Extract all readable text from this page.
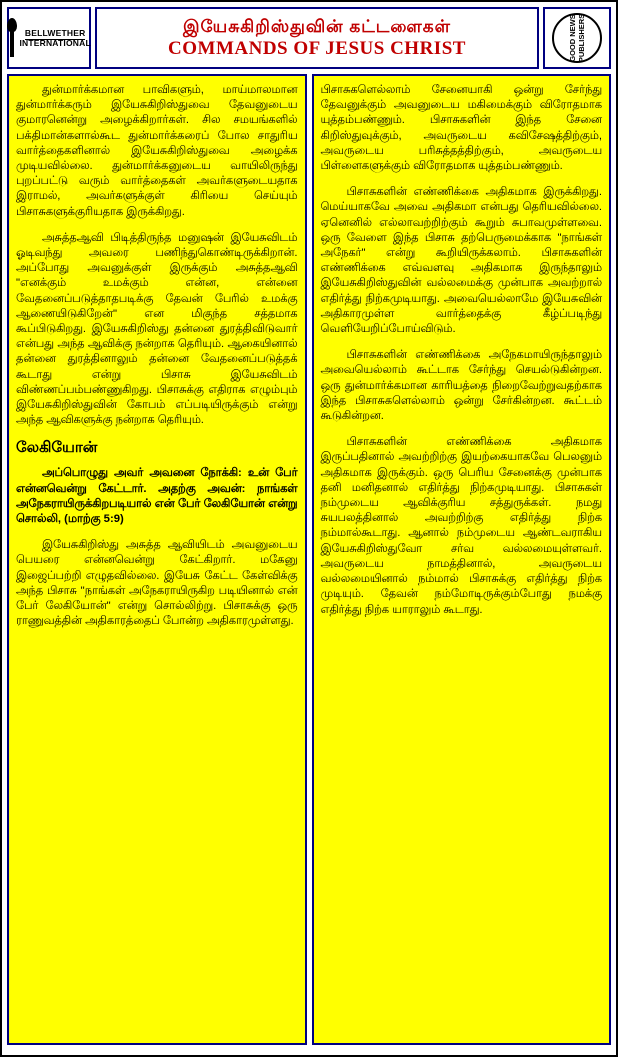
BELLWETHER INTERNATIONAL
இயேசுகிறிஸ்துவின் கட்டளைகள்
COMMANDS OF JESUS CHRIST	GOOD NEWS PUBLISHERS

துன்மார்க்கமான பாவிகளும், மாய்மாலமான துன்மார்க்கரும் இயேசுகிறிஸ்துவை தேவனுடைய குமாரனென்று அழைக்கிறார்கள். சில சமயங்களில் பக்திமான்களால்கூட துன்மார்க்கரைப் போல சாதுரிய வார்த்தைகளினால் இயேசுகிறிஸ்துவை அழைக்க முடியவில்லை. துன்மார்க்கனுடைய வாயிலிருந்து புறப்பட்டு வரும் வார்த்தைகள் அவர்களுடையதாக இராமல், அவர்களுக்குள் கிரியை செய்யும் பிசாசுகளுக்குரியதாக இருக்கிறது.

அசுத்தஆவி பிடித்திருந்த மனுஷன் இயேசுவிடம் ஓடிவந்து அவரை பணிந்துகொண்டிருக்கிறான். அப்போது அவனுக்குள் இருக்கும் அசுத்தஆவி "எனக்கும் உமக்கும் என்ன, என்னை வேதனைப்படுத்தாதபடிக்கு தேவன் பேரில் உமக்கு ஆணையிடுகிறேன்" என மிகுந்த சத்தமாக கூப்பிடுகிறது. இயேசுகிறிஸ்து தன்னை துரத்திவிடுவார் என்பது அந்த ஆவிக்கு நன்றாக தெரியும். ஆகையினால் தன்னை துரத்தினாலும் தன்னை வேதனைப்படுத்தக் கூடாது என்று பிசாசு இயேசுவிடம் விண்ணப்பம்பண்ணுகிறது. பிசாசுக்கு எதிராக எழும்பும் இயேசுகிறிஸ்துவின் கோபம் எப்படியிருக்கும் என்று அந்த ஆவிகளுக்கு நன்றாக தெரியும்.

லேகியோன்

அப்பொழுது அவர் அவனை நோக்கி: உன் பேர் என்னவென்று கேட்டார். அதற்கு அவன்: நாங்கள் அநேகராயிருக்கிறபடியால் என் பேர் லேகியோன் என்று சொல்லி, (மாற்கு 5:9)

இயேசுகிறிஸ்து அசுத்த ஆவியிடம் அவனுடைய பெயரை என்னவென்று கேட்கிறார். மகேனு இஜைப்பற்றி எழுதவில்லை. இயேசு கேட்ட கேள்விக்கு அந்த பிசாசு "நாங்கள் அநேகராயிருகிற படியினால் என் பேர் லேகியோன்" என்று சொல்லிற்று. பிசாசுக்கு ஒரு ராணுவத்தின் அதிகாரத்தைப் போன்ற அதிகாரமுள்ளது.

பிசாசுகளெல்லாம் சேனையாகி ஒன்று சேர்ந்து தேவனுக்கும் அவனுடைய மகிமைக்கும் விரோதமாக யுத்தம்பண்ணும். பிசாசுகளின் இந்த சேனை கிறிஸ்துவுக்கும், அவருடைய கவிசேஷத்திற்கும், அவருடைய பரிசுத்தத்திற்கும், அவருடைய பிள்ளைகளுக்கும் விரோதமாக யுத்தம்பண்ணும்.

பிசாசுகளின் எண்ணிக்கை அதிகமாக இருக்கிறது. மெய்யாகவே அவை அதிகமா என்பது தெரியவில்லை. ஏனெனில் எல்லாவற்றிற்கும் கூறும் சுபாவமுள்ளவை. ஒரு வேளை இந்த பிசாசு தற்பெருமைக்காக "நாங்கள் அநேகர்" என்று கூறியிருக்கலாம். பிசாசுகளின் எண்ணிக்கை எவ்வளவு அதிகமாக இருந்தாலும் இயேசுகிறிஸ்துவின் வல்லமைக்கு முன்பாக அவற்றால் எதிர்த்து நிற்கமுடியாது. அவையெல்லாமே இயேசுவின் அதிகாரமுள்ள வார்த்தைக்கு கீழ்ப்படிந்து வெளியேறிப்போய்விடும்.

பிசாசுகளின் எண்ணிக்கை அநேகமாயிருந்தாலும் அவையெல்லாம் கூட்டாக சேர்ந்து செயல்டுகின்றன. ஒரு துன்மார்க்கமான காரியத்தை நிறைவேற்றுவதற்காக இந்த பிசாசுகளெல்லாம் ஒன்று சேர்கின்றன. கூட்டம் கூடுகின்றன.

பிசாசுகளின் எண்ணிக்கை அதிகமாக இருப்பதினால் அவற்றிற்கு இயற்கையாகவே பெலனும் அதிகமாக இருக்கும். ஒரு பெரிய சேனைக்கு முன்பாக தனி மனிதனால் எதிர்த்து நிற்கமுடியாது. பிசாசுகள் நம்முடைய ஆவிக்குரிய சத்துருக்கள். நமது சுயபலத்தினால் அவற்றிற்கு எதிர்த்து நிற்க நம்மால்கூடாது. ஆனால் நம்முடைய ஆண்டவராகிய இயேசுகிறிஸ்துவோ சர்வ வல்லமையுள்ளவர். அவருடைய நாமத்தினால், அவருடைய வல்லமையினால் நம்மால் பிசாசுக்கு எதிர்த்து நிற்க முடியும். தேவன் நம்மோடிருக்கும்போது நமக்கு எதிர்த்து நிற்க யாராலும் கூடாது.
